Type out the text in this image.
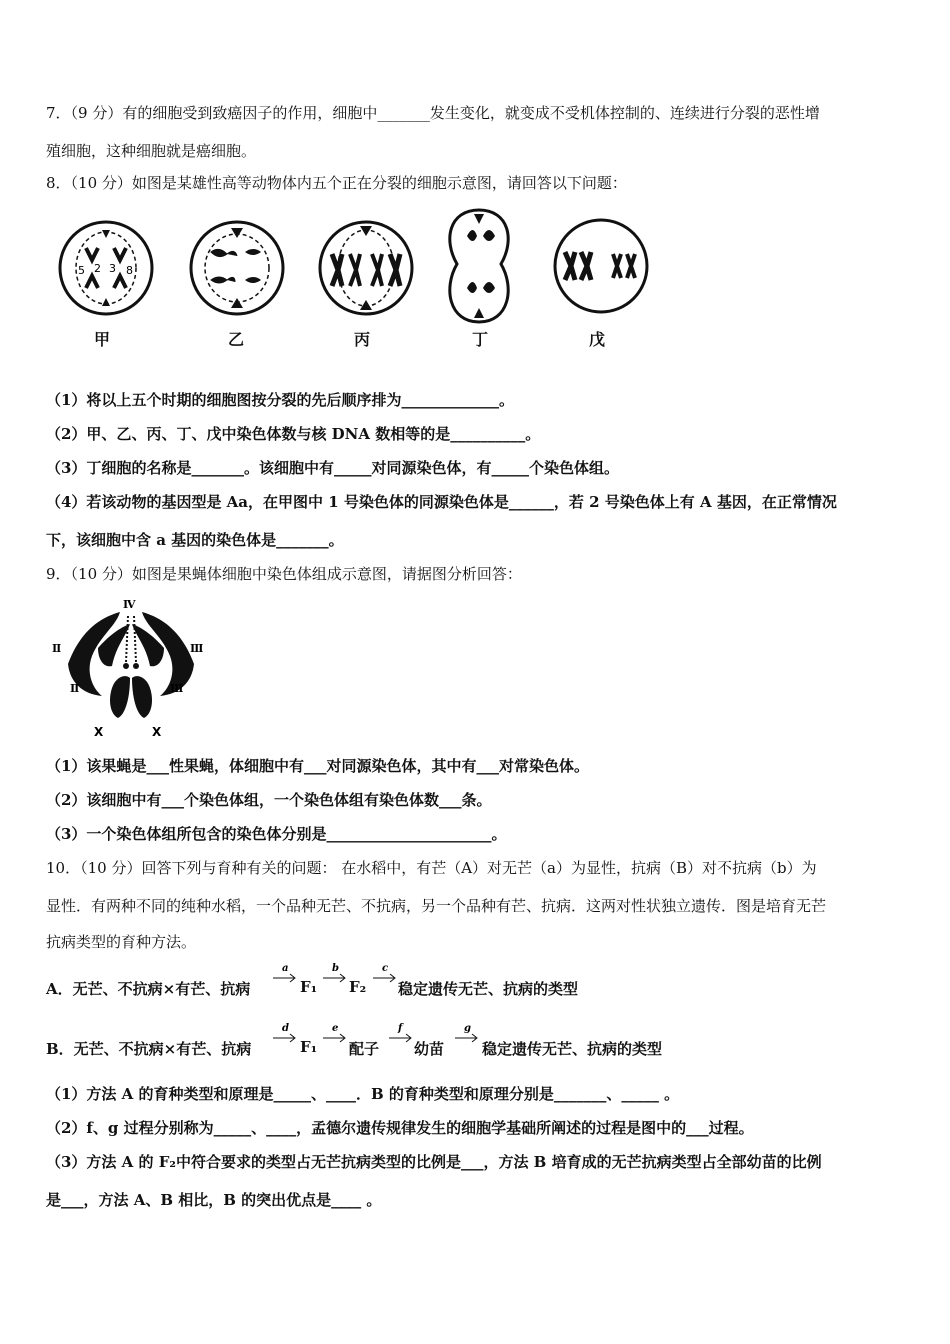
7．（9 分）有的细胞受到致癌因子的作用，细胞中_______发生变化，就变成不受机体控制的、连续进行分裂的恶性增
殖细胞，这种细胞就是癌细胞。
8．（10 分）如图是某雄性高等动物体内五个正在分裂的细胞示意图，请回答以下问题：
5 2 3 8
甲	乙	丙	丁	戊
（1）将以上五个时期的细胞图按分裂的先后顺序排为_____________。
（2）甲、乙、丙、丁、戊中染色体数与核 DNA 数相等的是__________。
（3）丁细胞的名称是_______。该细胞中有_____对同源染色体，有_____个染色体组。
（4）若该动物的基因型是 Aa，在甲图中 1 号染色体的同源染色体是______，若 2 号染色体上有 A 基因，在正常情况
下，该细胞中含 a 基因的染色体是_______。
9．（10 分）如图是果蝇体细胞中染色体组成示意图，请据图分析回答：
Ⅳ
Ⅱ
Ⅱ
Ⅲ
Ⅲ
X	X
（1）该果蝇是___性果蝇，体细胞中有___对同源染色体，其中有___对常染色体。
（2）该细胞中有___个染色体组，一个染色体组有染色体数___条。
（3）一个染色体组所包含的染色体分别是______________________。
10．（10 分）回答下列与育种有关的问题： 在水稻中，有芒（A）对无芒（a）为显性，抗病（B）对不抗病（b）为
显性．有两种不同的纯种水稻，一个品种无芒、不抗病，另一个品种有芒、抗病．这两对性状独立遗传．图是培育无芒
抗病类型的育种方法。
A．无芒、不抗病×有芒、抗病
a
F₁
b
F₂
c
稳定遗传无芒、抗病的类型
B．无芒、不抗病×有芒、抗病
d
F₁
e
配子
f
幼苗
g
稳定遗传无芒、抗病的类型
（1）方法 A 的育种类型和原理是_____、____．B 的育种类型和原理分别是_______、_____ 。
（2）f、g 过程分别称为_____、____，孟德尔遗传规律发生的细胞学基础所阐述的过程是图中的___过程。
（3）方法 A 的 F₂中符合要求的类型占无芒抗病类型的比例是___，方法 B 培育成的无芒抗病类型占全部幼苗的比例
是___，方法 A、B 相比，B 的突出优点是____ 。
